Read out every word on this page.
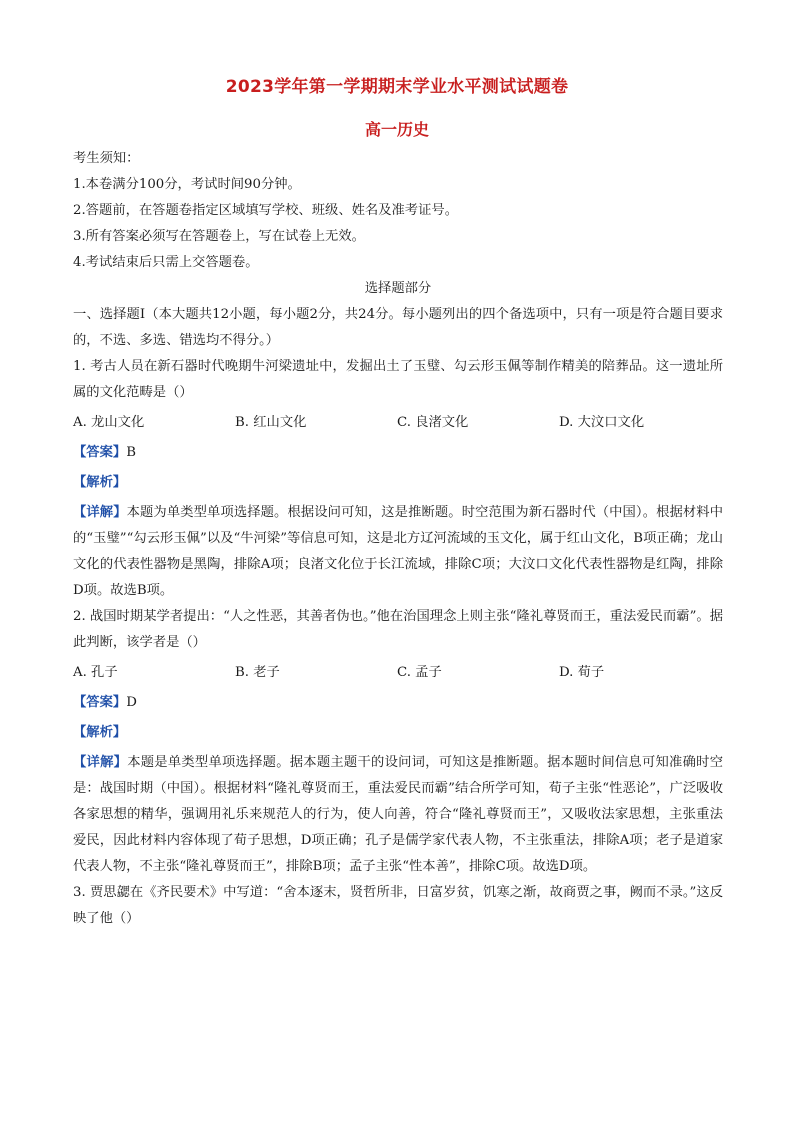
2023学年第一学期期末学业水平测试试题卷
高一历史
考生须知：
1.本卷满分100分，考试时间90分钟。
2.答题前，在答题卷指定区域填写学校、班级、姓名及准考证号。
3.所有答案必须写在答题卷上，写在试卷上无效。
4.考试结束后只需上交答题卷。
选择题部分
一、选择题Ⅰ（本大题共12小题，每小题2分，共24分。每小题列出的四个备选项中，只有一项是符合题目要求的，不选、多选、错选均不得分。）
1. 考古人员在新石器时代晚期牛河梁遗址中，发掘出土了玉璧、勾云形玉佩等制作精美的陪葬品。这一遗址所属的文化范畴是（）
A. 龙山文化	B. 红山文化	C. 良渚文化	D. 大汶口文化
【答案】B
【解析】
【详解】本题为单类型单项选择题。根据设问可知，这是推断题。时空范围为新石器时代（中国）。根据材料中的“玉璧”“勾云形玉佩”以及“牛河梁”等信息可知，这是北方辽河流域的玉文化，属于红山文化，B项正确；龙山文化的代表性器物是黑陶，排除A项；良渚文化位于长江流域，排除C项；大汶口文化代表性器物是红陶，排除D项。故选B项。
2. 战国时期某学者提出：“人之性恶，其善者伪也。”他在治国理念上则主张“隆礼尊贤而王，重法爱民而霸”。据此判断，该学者是（）
A. 孔子	B. 老子	C. 孟子	D. 荀子
【答案】D
【解析】
【详解】本题是单类型单项选择题。据本题主题干的设问词，可知这是推断题。据本题时间信息可知准确时空是：战国时期（中国）。根据材料“隆礼尊贤而王，重法爱民而霸”结合所学可知，荀子主张“性恶论”，广泛吸收各家思想的精华，强调用礼乐来规范人的行为，使人向善，符合“隆礼尊贤而王”，又吸收法家思想，主张重法爱民，因此材料内容体现了荀子思想，D项正确；孔子是儒学家代表人物，不主张重法，排除A项；老子是道家代表人物，不主张“隆礼尊贤而王”，排除B项；孟子主张“性本善”，排除C项。故选D项。
3. 贾思勰在《齐民要术》中写道：“舍本逐末，贤哲所非，日富岁贫，饥寒之渐，故商贾之事，阙而不录。”这反映了他（）
